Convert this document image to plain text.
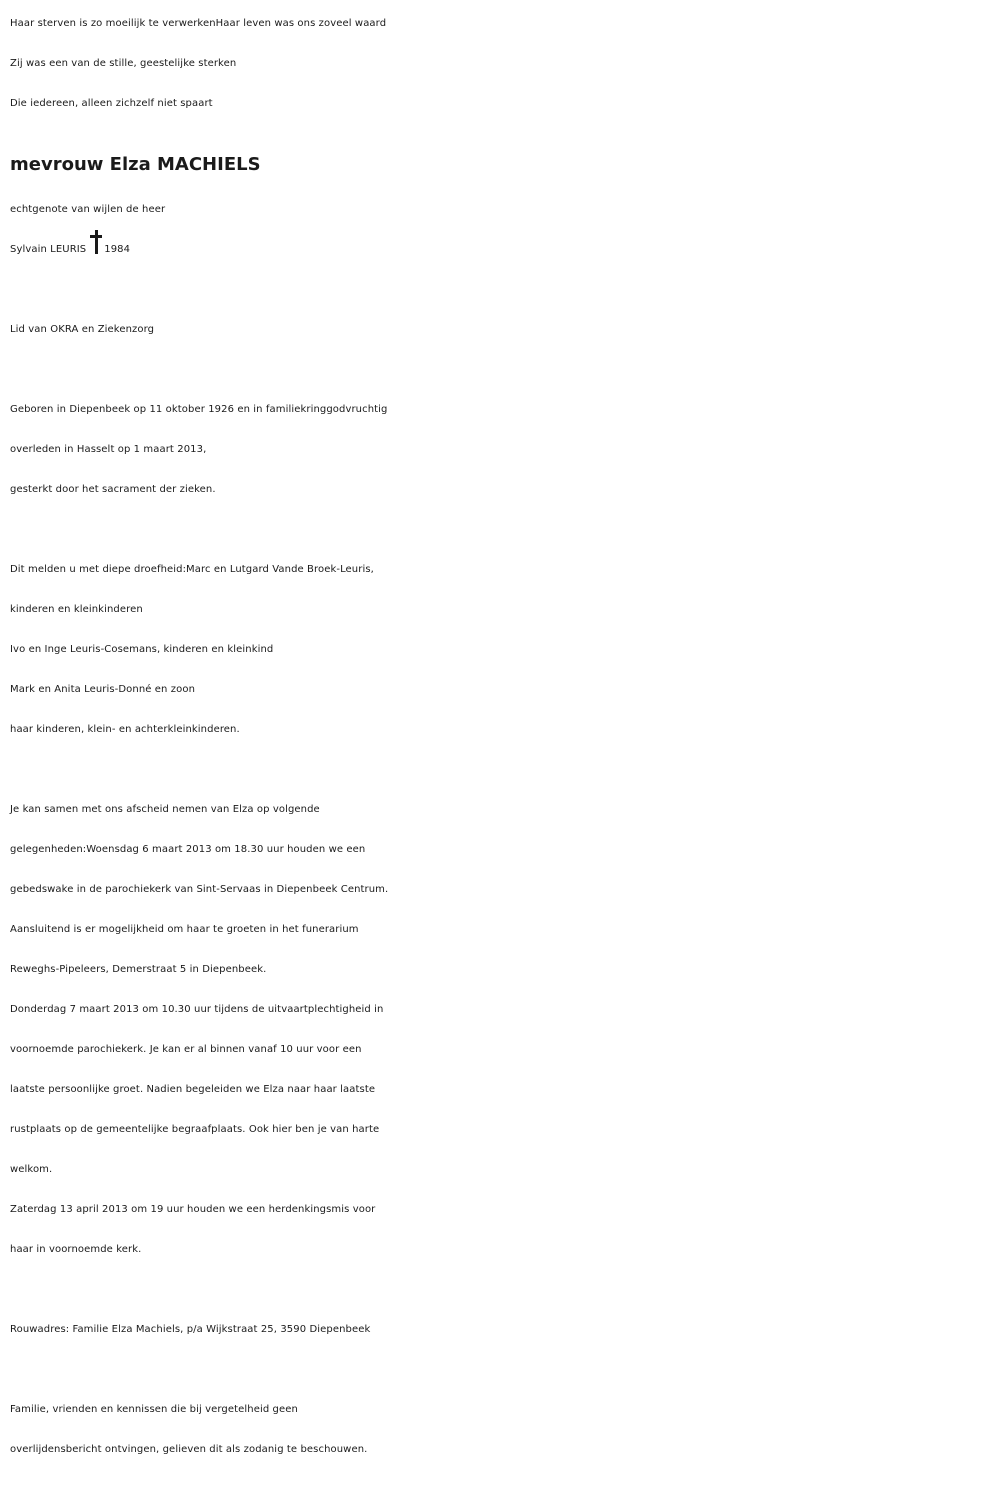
Haar sterven is zo moeilijk te verwerkenHaar leven was ons zoveel waard
Zij was een van de stille, geestelijke sterken
Die iedereen, alleen zichzelf niet spaart
mevrouw Elza MACHIELS
echtgenote van wijlen de heer
Sylvain LEURIS 1984
Lid van OKRA en Ziekenzorg
Geboren in Diepenbeek op 11 oktober 1926 en in familiekringgodvruchtig
overleden in Hasselt op 1 maart 2013,
gesterkt door het sacrament der zieken.
Dit melden u met diepe droefheid:Marc en Lutgard Vande Broek-Leuris,
kinderen en kleinkinderen
Ivo en Inge Leuris-Cosemans, kinderen en kleinkind
Mark en Anita Leuris-Donné en zoon
haar kinderen, klein- en achterkleinkinderen.
Je kan samen met ons afscheid nemen van Elza op volgende
gelegenheden:Woensdag 6 maart 2013 om 18.30 uur houden we een
gebedswake in de parochiekerk van Sint-Servaas in Diepenbeek Centrum.
Aansluitend is er mogelijkheid om haar te groeten in het funerarium
Reweghs-Pipeleers, Demerstraat 5 in Diepenbeek.
Donderdag 7 maart 2013 om 10.30 uur tijdens de uitvaartplechtigheid in
voornoemde parochiekerk. Je kan er al binnen vanaf 10 uur voor een
laatste persoonlijke groet. Nadien begeleiden we Elza naar haar laatste
rustplaats op de gemeentelijke begraafplaats. Ook hier ben je van harte
welkom.
Zaterdag 13 april 2013 om 19 uur houden we een herdenkingsmis voor
haar in voornoemde kerk.
Rouwadres: Familie Elza Machiels, p/a Wijkstraat 25, 3590 Diepenbeek
Familie, vrienden en kennissen die bij vergetelheid geen
overlijdensbericht ontvingen, gelieven dit als zodanig te beschouwen.
